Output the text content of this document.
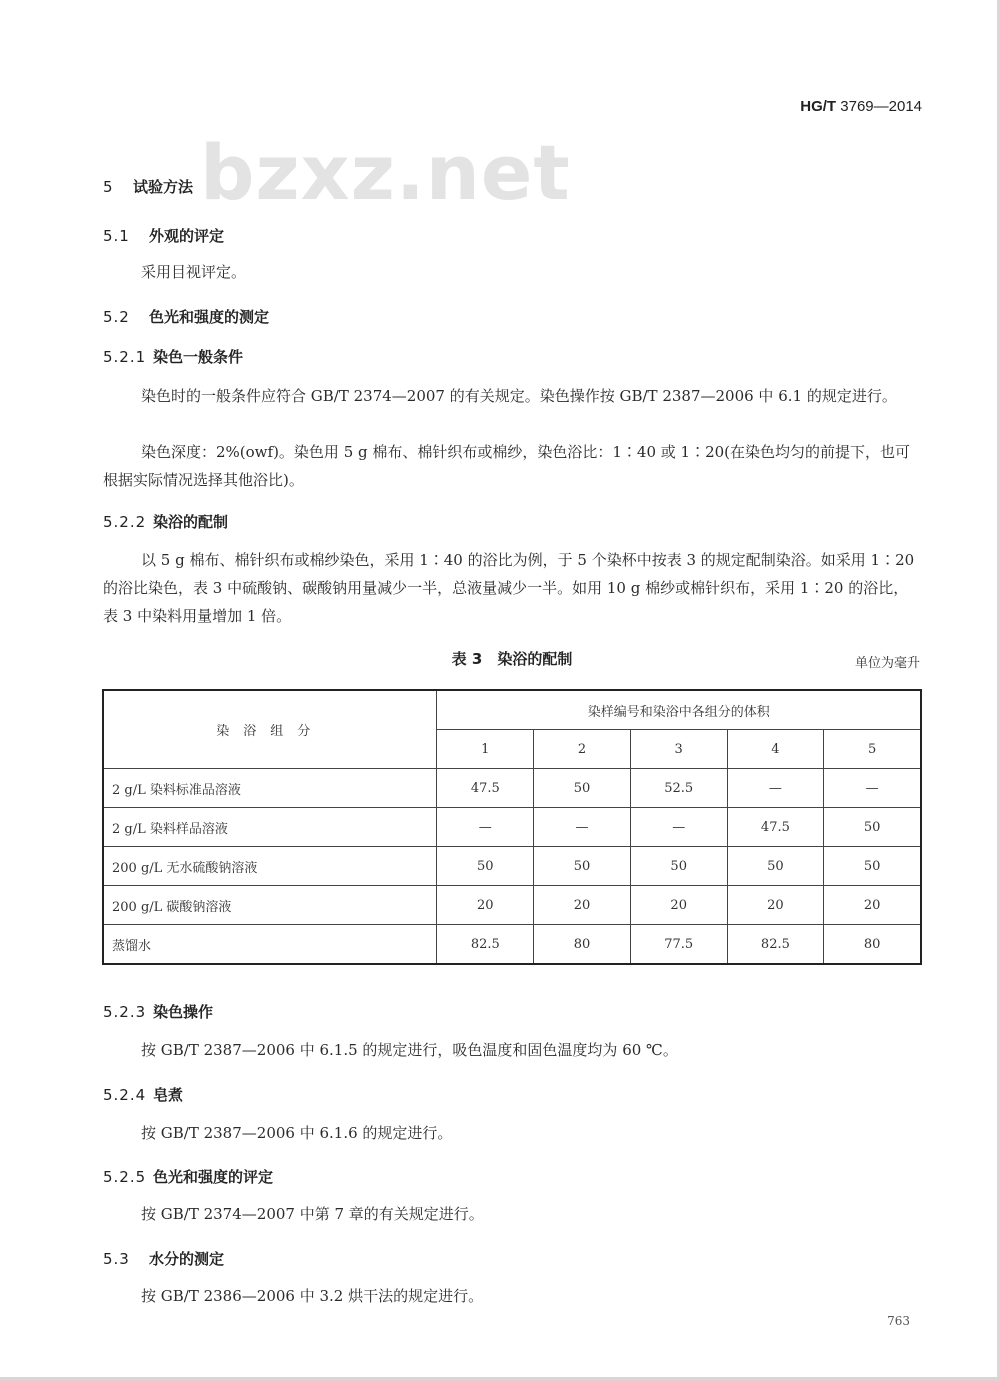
HG/T 3769—2014
bzxz.net
5 试验方法
5.1 外观的评定
采用目视评定。
5.2 色光和强度的测定
5.2.1 染色一般条件
染色时的一般条件应符合 GB/T 2374—2007 的有关规定。染色操作按 GB/T 2387—2006 中 6.1 的规定进行。
染色深度：2%(owf)。染色用 5 g 棉布、棉针织布或棉纱，染色浴比：1∶40 或 1∶20(在染色均匀的前提下，也可根据实际情况选择其他浴比)。
5.2.2 染浴的配制
以 5 g 棉布、棉针织布或棉纱染色，采用 1∶40 的浴比为例，于 5 个染杯中按表 3 的规定配制染浴。如采用 1∶20 的浴比染色，表 3 中硫酸钠、碳酸钠用量减少一半，总液量减少一半。如用 10 g 棉纱或棉针织布，采用 1∶20 的浴比，表 3 中染料用量增加 1 倍。
表 3　染浴的配制	单位为毫升
染浴组分	染样编号和染浴中各组分的体积				
	1	2	3	4	5
2 g/L 染料标准品溶液	47.5	50	52.5	—	—
2 g/L 染料样品溶液	—	—	—	47.5	50
200 g/L 无水硫酸钠溶液	50	50	50	50	50
200 g/L 碳酸钠溶液	20	20	20	20	20
蒸馏水	82.5	80	77.5	82.5	80
5.2.3 染色操作
按 GB/T 2387—2006 中 6.1.5 的规定进行，吸色温度和固色温度均为 60 ℃。
5.2.4 皂煮
按 GB/T 2387—2006 中 6.1.6 的规定进行。
5.2.5 色光和强度的评定
按 GB/T 2374—2007 中第 7 章的有关规定进行。
5.3 水分的测定
按 GB/T 2386—2006 中 3.2 烘干法的规定进行。
763
